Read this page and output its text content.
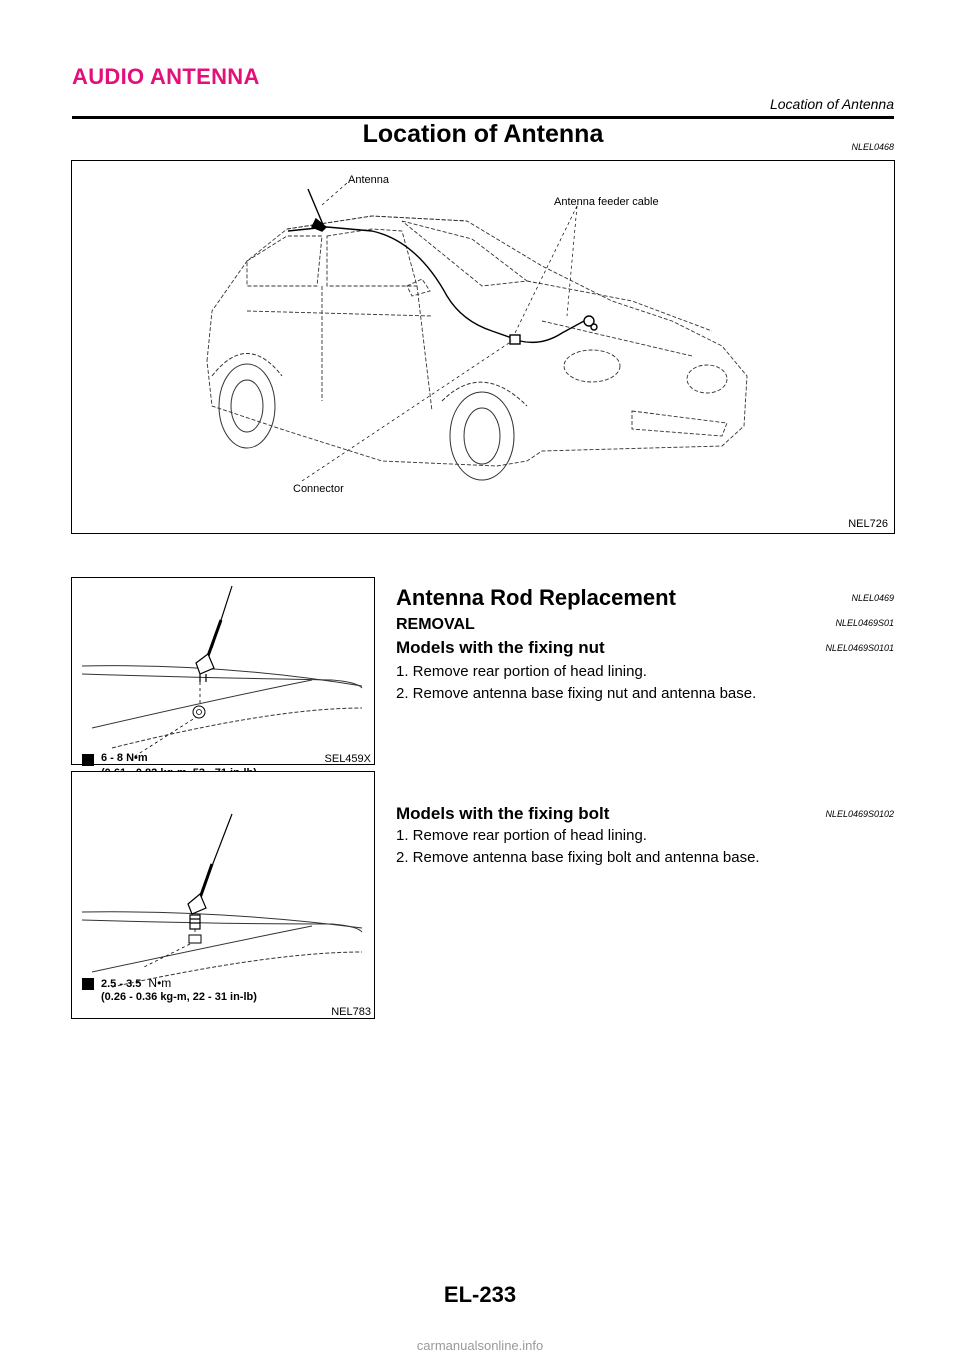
AUDIO ANTENNA
Location of Antenna
Location of Antenna	NLEL0468
Antenna
Antenna feeder cable
Connector
NEL726
6 - 8 N•m	SEL459X
2.5 - 3.5 N•m
(0.26 - 0.36 kg-m, 22 - 31 in-lb)
NEL783
Antenna Rod Replacement	NLEL0469
REMOVAL	NLEL0469S01
Models with the fixing nut	NLEL0469S0101
1. Remove rear portion of head lining.
2. Remove antenna base fixing nut and antenna base.
Models with the fixing bolt	NLEL0469S0102
1. Remove rear portion of head lining.
2. Remove antenna base fixing bolt and antenna base.
EL-233
carmanualsonline.info
